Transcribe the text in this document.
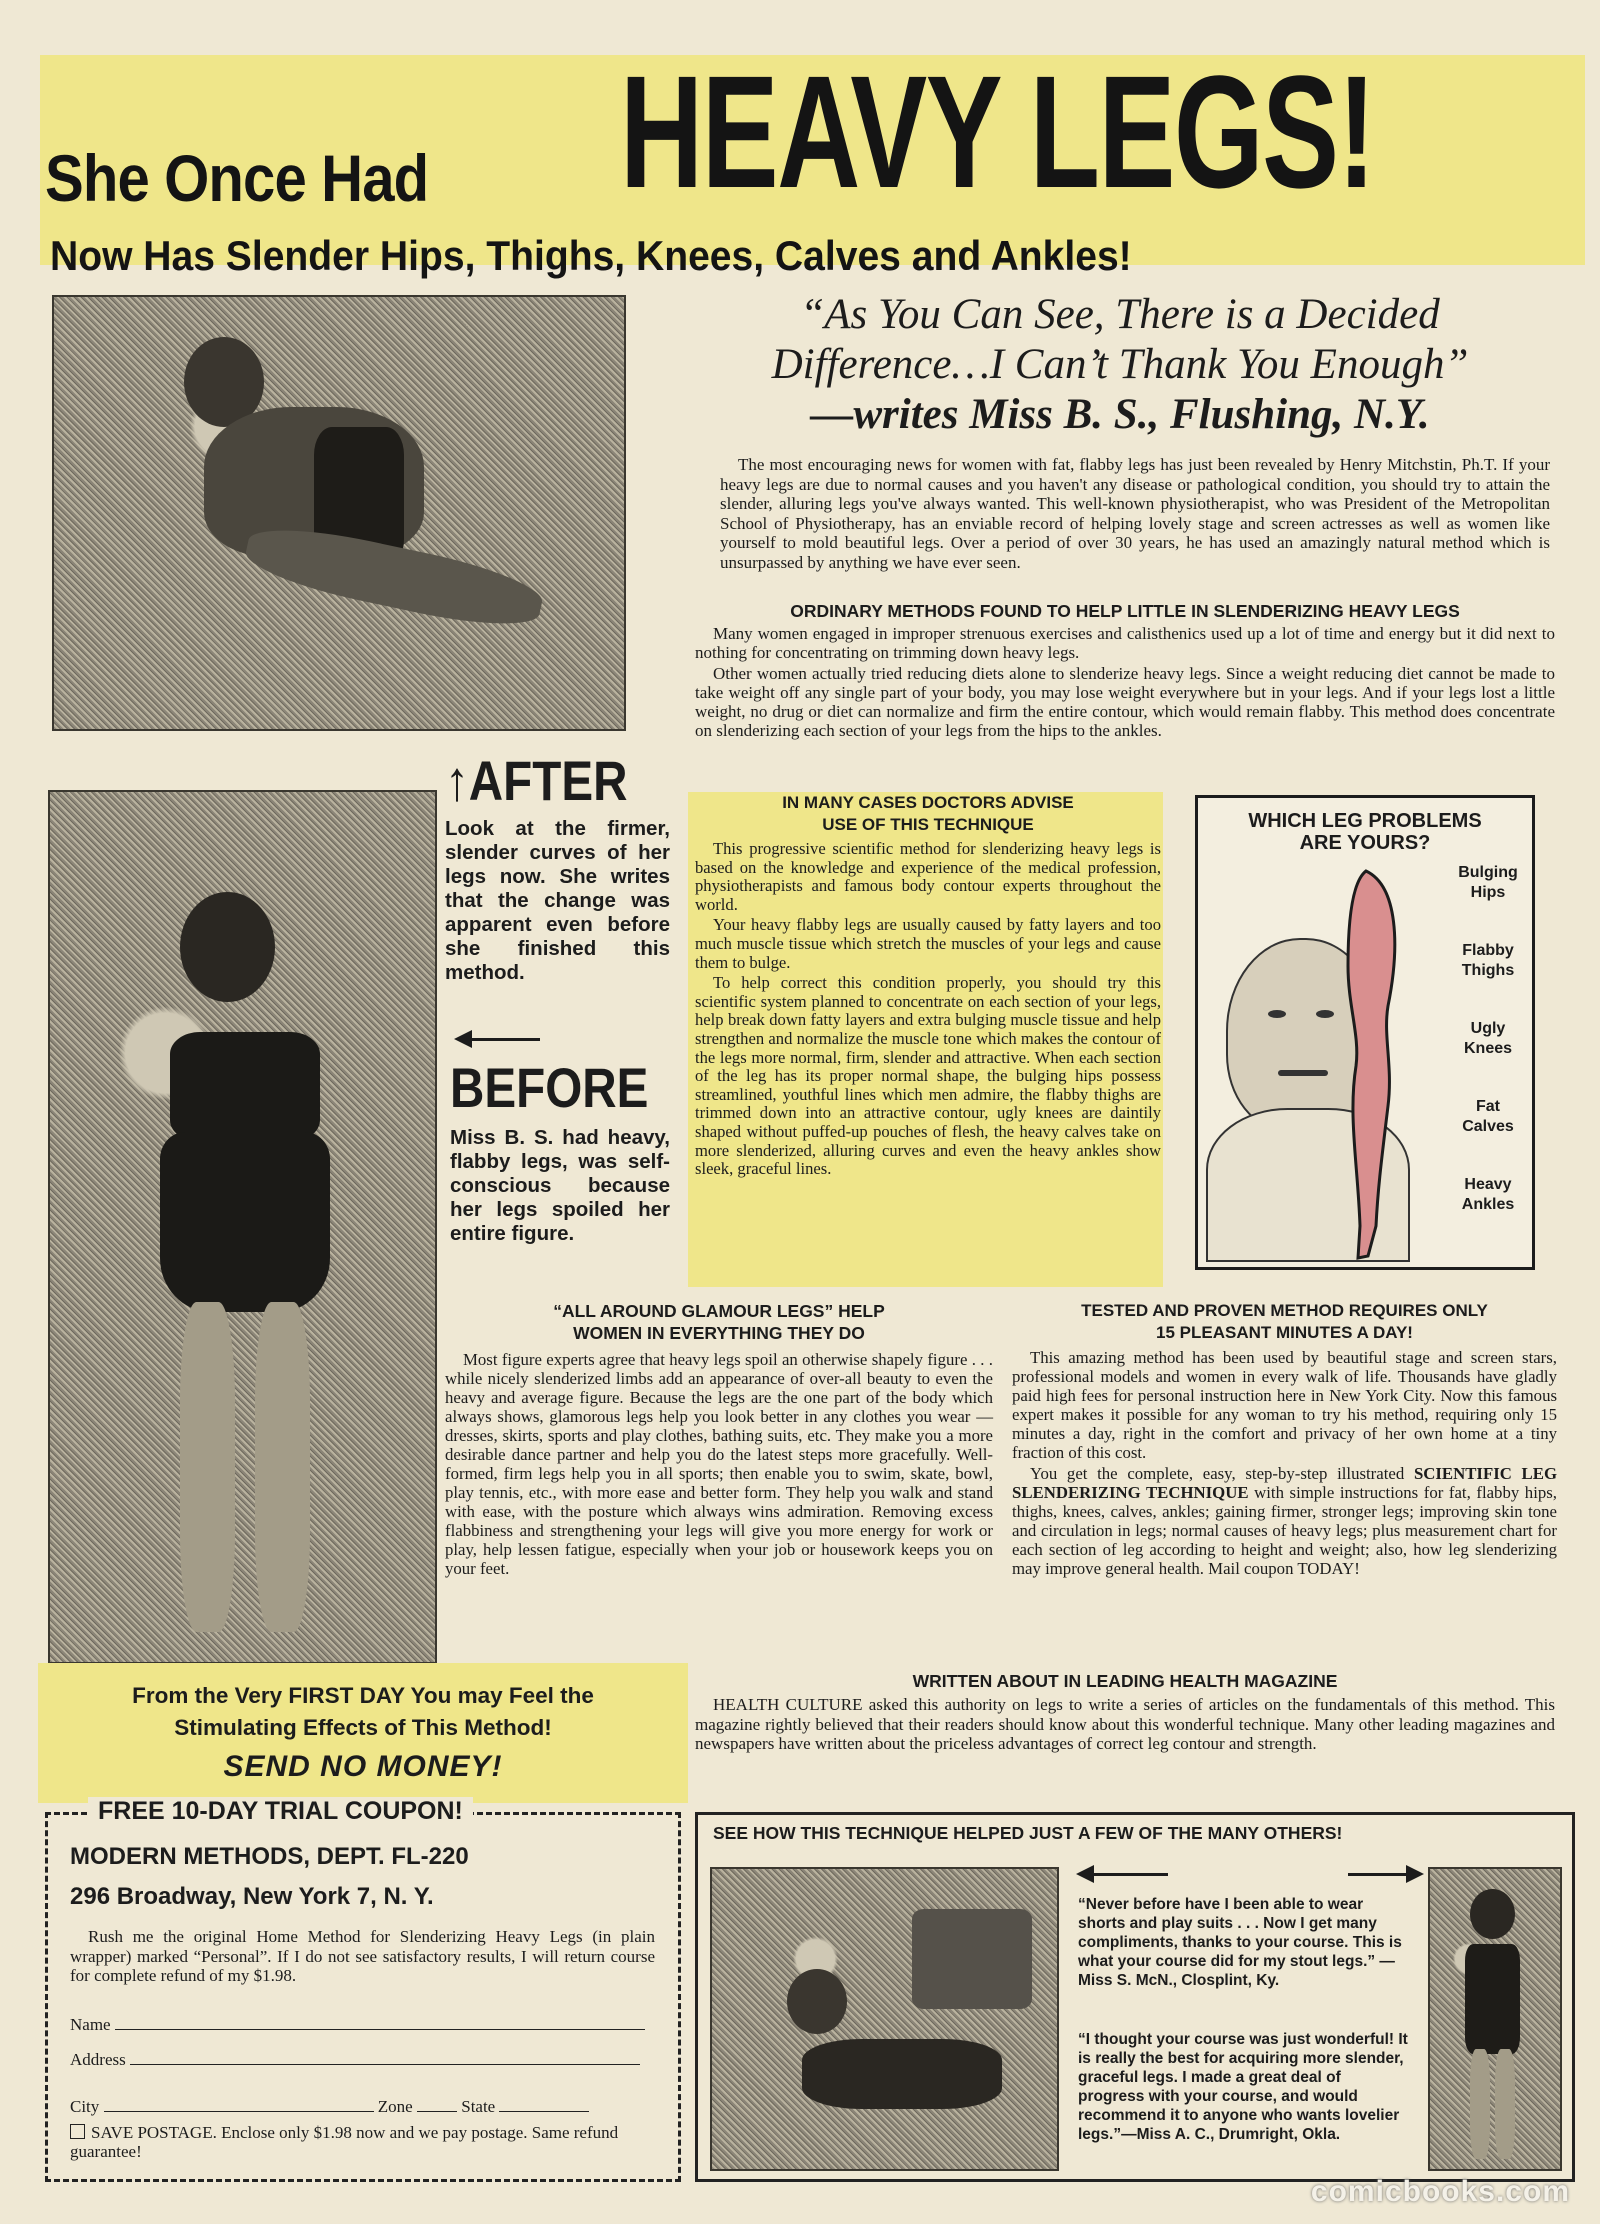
She Once Had HEAVY LEGS!
Now Has Slender Hips, Thighs, Knees, Calves and Ankles!
“As You Can See, There is a Decided
Difference…I Can’t Thank You Enough”
—writes Miss B. S., Flushing, N.Y.

The most encouraging news for women with fat, flabby legs has just been revealed by Henry Mitchstin, Ph.T. If your heavy legs are due to normal causes and you haven't any disease or pathological condition, you should try to attain the slender, alluring legs you've always wanted. This well-known physiotherapist, who was President of the Metropolitan School of Physiotherapy, has an enviable record of helping lovely stage and screen actresses as well as women like yourself to mold beautiful legs. Over a period of over 30 years, he has used an amazingly natural method which is unsurpassed by anything we have ever seen.

ORDINARY METHODS FOUND TO HELP LITTLE IN SLENDERIZING HEAVY LEGS

Many women engaged in improper strenuous exercises and calisthenics used up a lot of time and energy but it did next to nothing for concentrating on trimming down heavy legs.

Other women actually tried reducing diets alone to slenderize heavy legs. Since a weight reducing diet cannot be made to take weight off any single part of your body, you may lose weight everywhere but in your legs. And if your legs lost a little weight, no drug or diet can normalize and firm the entire contour, which would remain flabby. This method does concentrate on slenderizing each section of your legs from the hips to the ankles.

↑AFTER
Look at the firmer, slender curves of her legs now. She writes that the change was apparent even before she finished this method.
BEFORE
Miss B. S. had heavy, flabby legs, was self-conscious because her legs spoiled her entire figure.
IN MANY CASES DOCTORS ADVISE
USE OF THIS TECHNIQUE

This progressive scientific method for slenderizing heavy legs is based on the knowledge and experience of the medical profession, physiotherapists and famous body contour experts throughout the world.

Your heavy flabby legs are usually caused by fatty layers and too much muscle tissue which stretch the muscles of your legs and cause them to bulge.

To help correct this condition properly, you should try this scientific system planned to concentrate on each section of your legs, help break down fatty layers and extra bulging muscle tissue and help strengthen and normalize the muscle tone which makes the contour of the legs more normal, firm, slender and attractive. When each section of the leg has its proper normal shape, the bulging hips possess streamlined, youthful lines which men admire, the flabby thighs are trimmed down into an attractive contour, ugly knees are daintily shaped without puffed-up pouches of flesh, the heavy calves take on more slenderized, alluring curves and even the heavy ankles show sleek, graceful lines.

WHICH LEG PROBLEMS
ARE YOURS?
Bulging
Hips
Flabby
Thighs
Ugly
Knees
Fat
Calves
Heavy
Ankles
“ALL AROUND GLAMOUR LEGS” HELP
WOMEN IN EVERYTHING THEY DO

Most figure experts agree that heavy legs spoil an otherwise shapely figure . . . while nicely slenderized limbs add an appearance of over-all beauty to even the heavy and average figure. Because the legs are the one part of the body which always shows, glamorous legs help you look better in any clothes you wear — dresses, skirts, sports and play clothes, bathing suits, etc. They make you a more desirable dance partner and help you do the latest steps more gracefully. Well-formed, firm legs help you in all sports; then enable you to swim, skate, bowl, play tennis, etc., with more ease and better form. They help you walk and stand with ease, with the posture which always wins admiration. Removing excess flabbiness and strengthening your legs will give you more energy for work or play, help lessen fatigue, especially when your job or housework keeps you on your feet.

TESTED AND PROVEN METHOD REQUIRES ONLY
15 PLEASANT MINUTES A DAY!

This amazing method has been used by beautiful stage and screen stars, professional models and women in every walk of life. Thousands have gladly paid high fees for personal instruction here in New York City. Now this famous expert makes it possible for any woman to try his method, requiring only 15 minutes a day, right in the comfort and privacy of her own home at a tiny fraction of this cost.

You get the complete, easy, step-by-step illustrated SCIENTIFIC LEG SLENDERIZING TECHNIQUE with simple instructions for fat, flabby hips, thighs, knees, calves, ankles; gaining firmer, stronger legs; improving skin tone and circulation in legs; normal causes of heavy legs; plus measurement chart for each section of leg according to height and weight; also, how leg slenderizing may improve general health. Mail coupon TODAY!

From the Very FIRST DAY You may Feel the
Stimulating Effects of This Method!
SEND NO MONEY!
WRITTEN ABOUT IN LEADING HEALTH MAGAZINE

HEALTH CULTURE asked this authority on legs to write a series of articles on the fundamentals of this method. This magazine rightly believed that their readers should know about this wonderful technique. Many other leading magazines and newspapers have written about the priceless advantages of correct leg contour and strength.

FREE 10-DAY TRIAL COUPON!
MODERN METHODS, DEPT. FL-220
296 Broadway, New York 7, N. Y.
Rush me the original Home Method for Slenderizing Heavy Legs (in plain wrapper) marked “Personal”. If I do not see satisfactory results, I will return course for complete refund of my $1.98.
Name
Address
City	Zone	State
SAVE POSTAGE. Enclose only $1.98 now and we pay postage. Same refund guarantee!
SEE HOW THIS TECHNIQUE HELPED JUST A FEW OF THE MANY OTHERS!
“Never before have I been able to wear shorts and play suits . . . Now I get many compliments, thanks to your course. This is what your course did for my stout legs.” —Miss S. McN., Closplint, Ky.
“I thought your course was just wonderful! It is really the best for acquiring more slender, graceful legs. I made a great deal of progress with your course, and would recommend it to anyone who wants lovelier legs.”—Miss A. C., Drumright, Okla.
comicbooks.com
